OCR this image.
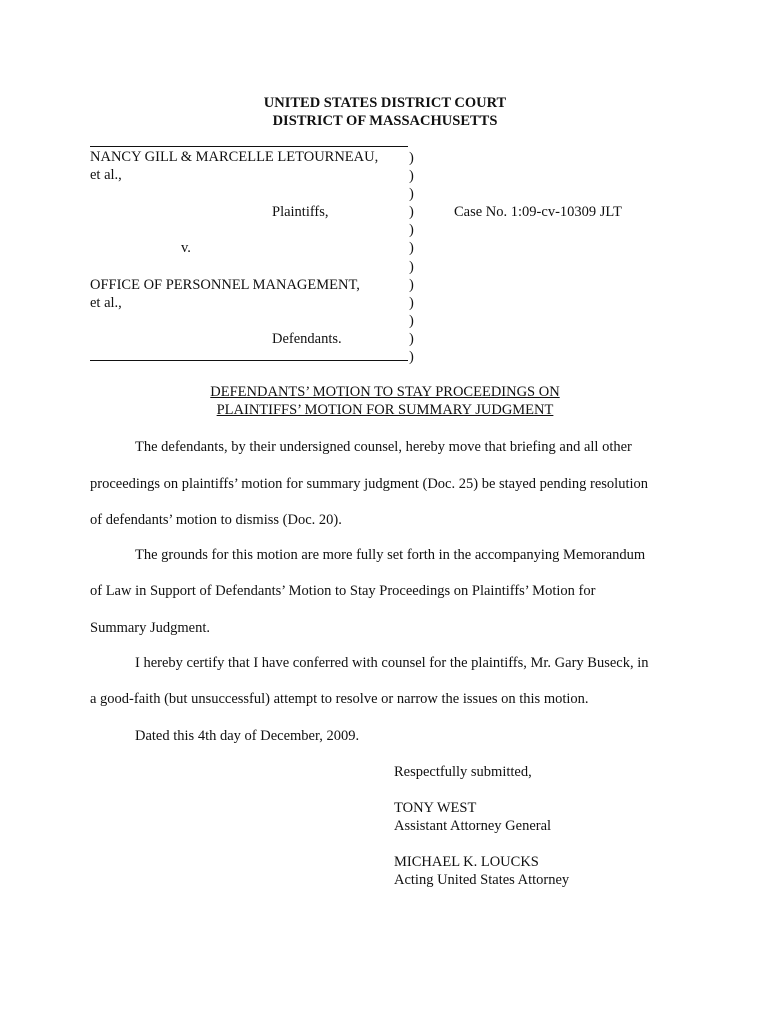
UNITED STATES DISTRICT COURT
DISTRICT OF MASSACHUSETTS
NANCY GILL & MARCELLE LETOURNEAU,
et al.,
Plaintiffs,
v.
OFFICE OF PERSONNEL MANAGEMENT,
et al.,
Defendants.
)
)
)
)
)
)
)
)
)
)
)
)
Case No. 1:09-cv-10309 JLT
DEFENDANTS’ MOTION TO STAY PROCEEDINGS ON
PLAINTIFFS’ MOTION FOR SUMMARY JUDGMENT
The defendants, by their undersigned counsel, hereby move that briefing and all other
proceedings on plaintiffs’ motion for summary judgment (Doc. 25) be stayed pending resolution
of defendants’ motion to dismiss (Doc. 20).
The grounds for this motion are more fully set forth in the accompanying Memorandum
of Law in Support of Defendants’ Motion to Stay Proceedings on Plaintiffs’ Motion for
Summary Judgment.
I hereby certify that I have conferred with counsel for the plaintiffs, Mr. Gary Buseck, in
a good-faith (but unsuccessful) attempt to resolve or narrow the issues on this motion.
Dated this 4th day of December, 2009.
Respectfully submitted,
TONY WEST
Assistant Attorney General
MICHAEL K. LOUCKS
Acting United States Attorney
